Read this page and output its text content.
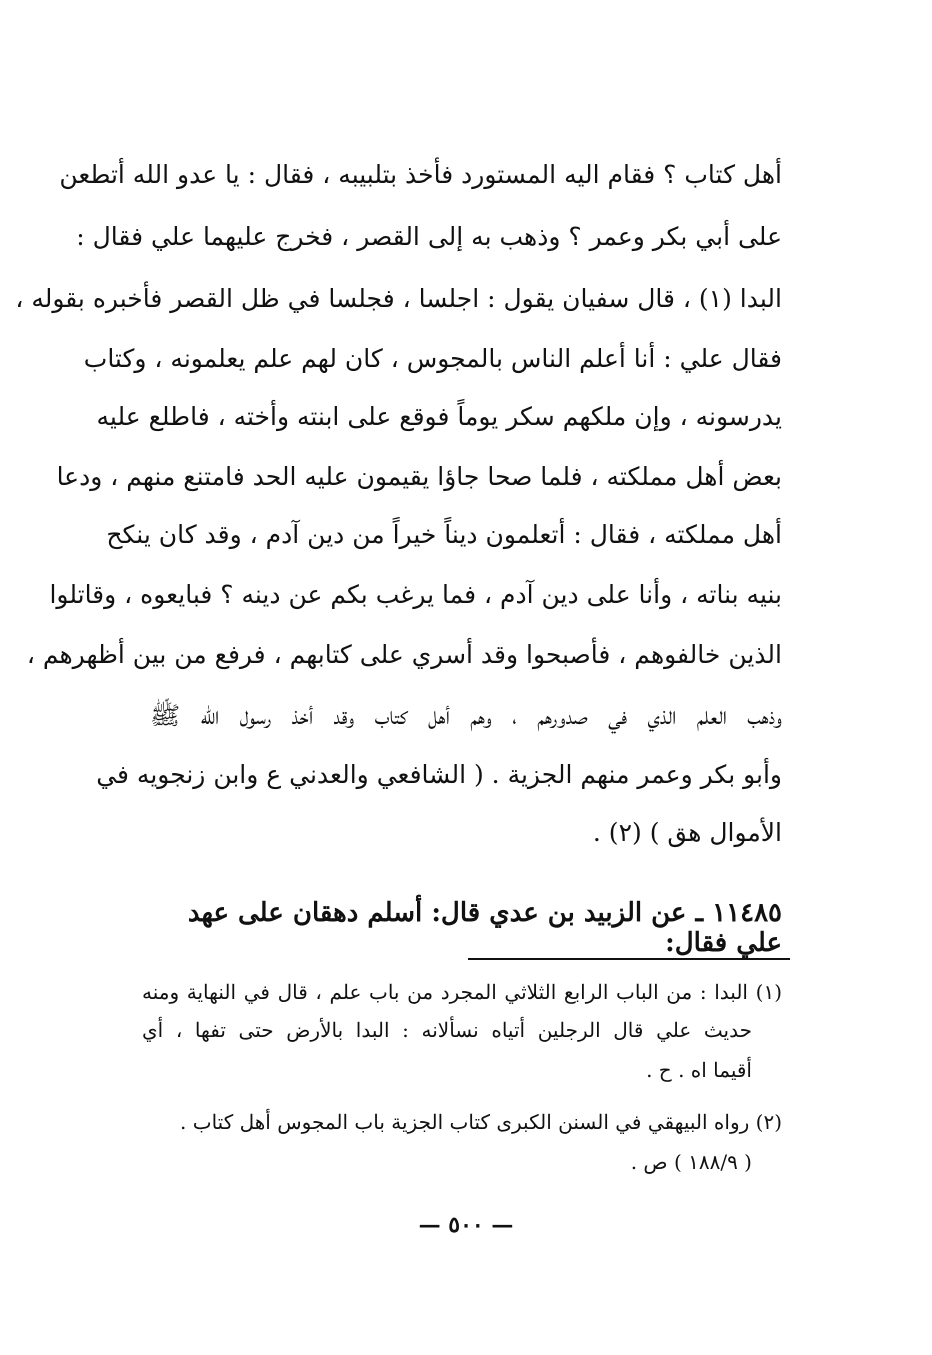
أهل كتاب ؟ فقام اليه المستورد فأخذ بتلبيبه ، فقال : يا عدو الله أتطعن
على أبي بكر وعمر ؟ وذهب به إلى القصر ، فخرج عليهما علي فقال :
البدا (١) ، قال سفيان يقول : اجلسا ، فجلسا في ظل القصر فأخبره بقوله ،
فقال علي : أنا أعلم الناس بالمجوس ، كان لهم علم يعلمونه ، وكتاب
يدرسونه ، وإن ملكهم سكر يوماً فوقع على ابنته وأخته ، فاطلع عليه
بعض أهل مملكته ، فلما صحا جاؤا يقيمون عليه الحد فامتنع منهم ، ودعا
أهل مملكته ، فقال : أتعلمون ديناً خيراً من دين آدم ، وقد كان ينكح
بنيه بناته ، وأنا على دين آدم ، فما يرغب بكم عن دينه ؟ فبايعوه ، وقاتلوا
الذين خالفوهم ، فأصبحوا وقد أسري على كتابهم ، فرفع من بين أظهرهم ،
وذهب العلم الذي في صدورهم ، وهم أهل كتاب وقد أخذ رسول الله ﷺ
وأبو بكر وعمر منهم الجزية . ( الشافعي والعدني ع وابن زنجويه في
الأموال هق ) (٢) .
١١٤٨٥ ـ عن الزبيد بن عدي قال: أسلم دهقان على عهد علي فقال:
(١) البدا : من الباب الرابع الثلاثي المجرد من باب علم ، قال في النهاية ومنه
حديث علي قال الرجلين أتياه نسألانه : البدا بالأرض حتى تفها ، أي
أقيما اه . ح .
(٢) رواه البيهقي في السنن الكبرى كتاب الجزية باب المجوس أهل كتاب .
( ١٨٨/٩ ) ص .
— ٥٠٠ —
